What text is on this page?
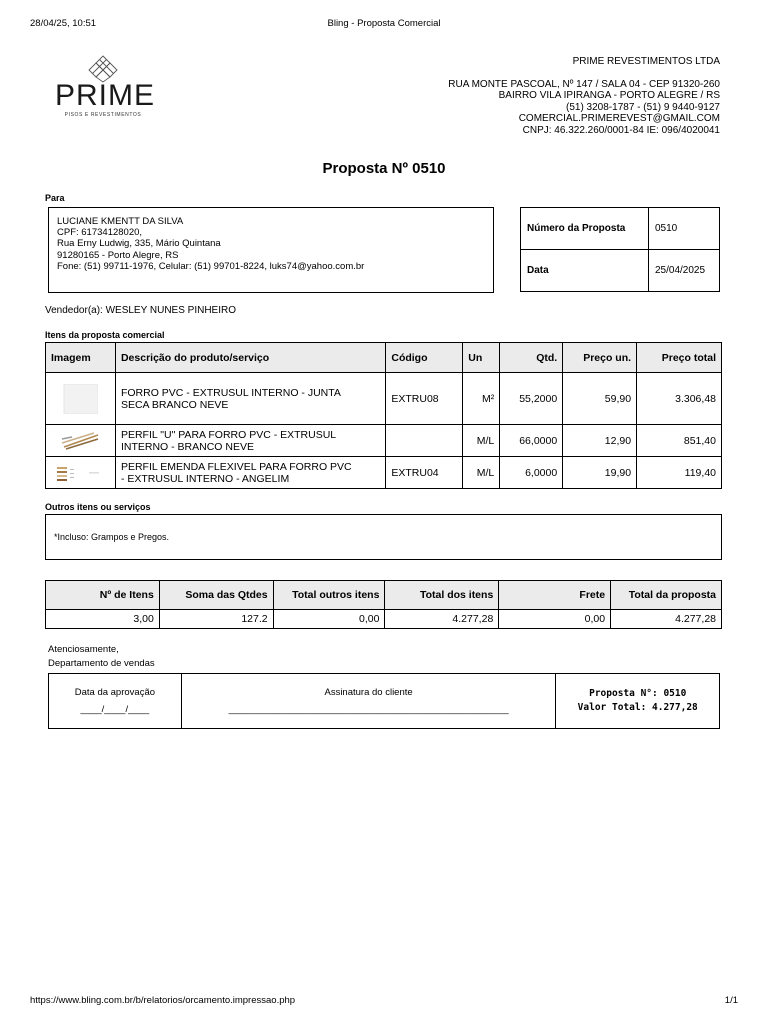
28/04/25, 10:51	Bling - Proposta Comercial
PRIME
PISOS E REVESTIMENTOS
PRIME REVESTIMENTOS LTDA
RUA MONTE PASCOAL, Nº 147 / SALA 04 - CEP 91320-260
BAIRRO VILA IPIRANGA - PORTO ALEGRE / RS
(51) 3208-1787 - (51) 9 9440-9127
COMERCIAL.PRIMEREVEST@GMAIL.COM
CNPJ: 46.322.260/0001-84 IE: 096/4020041
Proposta Nº 0510
Para
LUCIANE KMENTT DA SILVA
CPF: 61734128020,
Rua Erny Ludwig, 335, Mário Quintana
91280165 - Porto Alegre, RS
Fone: (51) 99711-1976, Celular: (51) 99701-8224, luks74@yahoo.com.br
Número da Proposta	0510
Data	25/04/2025
Vendedor(a): WESLEY NUNES PINHEIRO
Itens da proposta comercial
Imagem	Descrição do produto/serviço	Código	Un	Qtd.	Preço un.	Preço total

FORRO PVC - EXTRUSUL INTERNO - JUNTA
SECA BRANCO NEVE	EXTRU08	M²	55,2000	59,90	3.306,48

PERFIL "U" PARA FORRO PVC - EXTRUSUL
INTERNO - BRANCO NEVE		M/L	66,0000	12,90	851,40

PERFIL EMENDA FLEXIVEL PARA FORRO PVC
- EXTRUSUL INTERNO - ANGELIM	EXTRU04	M/L	6,0000	19,90	119,40
Outros itens ou serviços
*Incluso: Grampos e Pregos.
Nº de Itens	Soma das Qtdes	Total outros itens	Total dos itens	Frete	Total da proposta
3,00	127.2	0,00	4.277,28	0,00	4.277,28
Atenciosamente,
Departamento de vendas
Data da aprovação
____/____/____

Assinatura do cliente
_____________________________________________________

Proposta N°: 0510
Valor Total: 4.277,28
https://www.bling.com.br/b/relatorios/orcamento.impressao.php	1/1
